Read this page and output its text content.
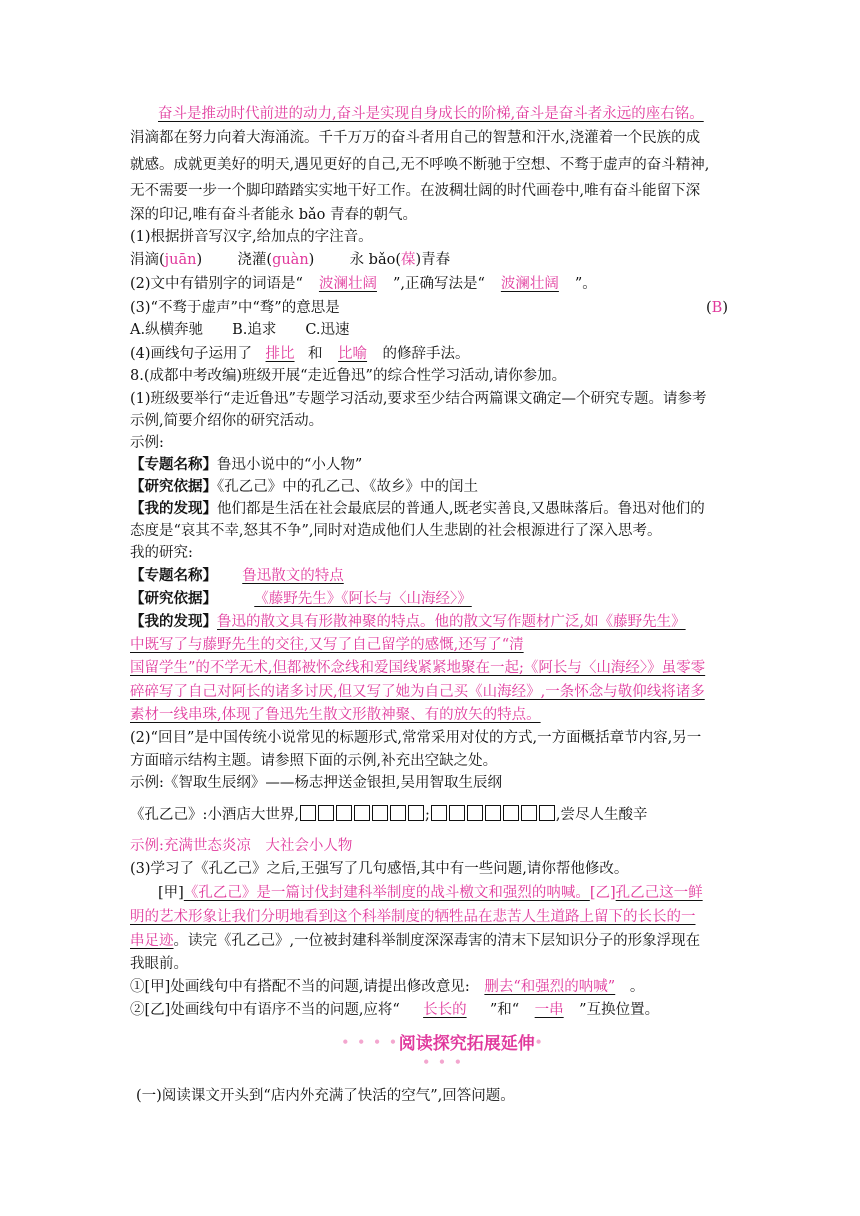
奋斗是推动时代前进的动力,奋斗是实现自身成长的阶梯,奋斗是奋斗者永远的座右铭。
涓滴都在努力向着大海涌流。千千万万的奋斗者用自己的智慧和汗水,浇灌着一个民族的成
就感。成就更美好的明天,遇见更好的自己,无不呼唤不断驰于空想、不骛于虚声的奋斗精神,
无不需要一步一个脚印踏踏实实地干好工作。在波稠壮阔的时代画卷中,唯有奋斗能留下深
深的印记,唯有奋斗者能永 bǎo 青春的朝气。
(1)根据拼音写汉字,给加点的字注音。
涓滴(juān) 浇灌(guàn) 永 bǎo(葆)青春
(2)文中有错别字的词语是“ 波澜壮阔 ”,正确写法是“ 波澜壮阔 ”。
(3)“不骛于虚声”中“骛”的意思是	(B)
A.纵横奔驰　　B.追求　　C.迅速
(4)画线句子运用了 排比 和 比喻 的修辞手法。
8.(成都中考改编)班级开展“走近鲁迅”的综合性学习活动,请你参加。
(1)班级要举行“走近鲁迅”专题学习活动,要求至少结合两篇课文确定—个研究专题。请参考
示例,简要介绍你的研究活动。
示例:
【专题名称】鲁迅小说中的“小人物”
【研究依据】《孔乙己》中的孔乙己、《故乡》中的闰土
【我的发现】他们都是生活在社会最底层的普通人,既老实善良,又愚昧落后。鲁迅对他们的
态度是“哀其不幸,怒其不争”,同时对造成他们人生悲剧的社会根源进行了深入思考。
我的研究:
【专题名称】 鲁迅散文的特点
【研究依据】	《藤野先生》《阿长与〈山海经〉》
【我的发现】鲁迅的散文具有形散神聚的特点。他的散文写作题材广泛,如《藤野先生》
中既写了与藤野先生的交往,又写了自己留学的感慨,还写了“清
国留学生”的不学无术,但都被怀念线和爱国线紧紧地聚在一起;《阿长与〈山海经〉》虽零零
碎碎写了自己对阿长的诸多讨厌,但又写了她为自己买《山海经》,一条怀念与敬仰线将诸多
素材一线串珠,体现了鲁迅先生散文形散神聚、有的放矢的特点。
(2)“回目”是中国传统小说常见的标题形式,常常采用对仗的方式,一方面概括章节内容,另一
方面暗示结构主题。请参照下面的示例,补充出空缺之处。
示例:《智取生辰纲》——杨志押送金银担,吴用智取生辰纲
《孔乙己》:小酒店大世界,	;	,尝尽人生酸辛
示例:充满世态炎凉　大社会小人物
(3)学习了《孔乙己》之后,王强写了几句感悟,其中有一些问题,请你帮他修改。
[甲]《孔乙己》是一篇讨伐封建科举制度的战斗檄文和强烈的呐喊。[乙]孔乙己这一鲜
明的艺术形象让我们分明地看到这个科举制度的牺牲品在悲苦人生道路上留下的长长的一
串足迹。读完《孔乙己》,一位被封建科举制度深深毒害的清末下层知识分子的形象浮现在
我眼前。
①[甲]处画线句中有搭配不当的问题,请提出修改意见: 删去“和强烈的呐喊” 。
②[乙]处画线句中有语序不当的问题,应将“ 长长的 ”和“ 一串 ”互换位置。
• • • •阅读探究拓展延伸• • • •
(一)阅读课文开头到“店内外充满了快活的空气”,回答问题。
